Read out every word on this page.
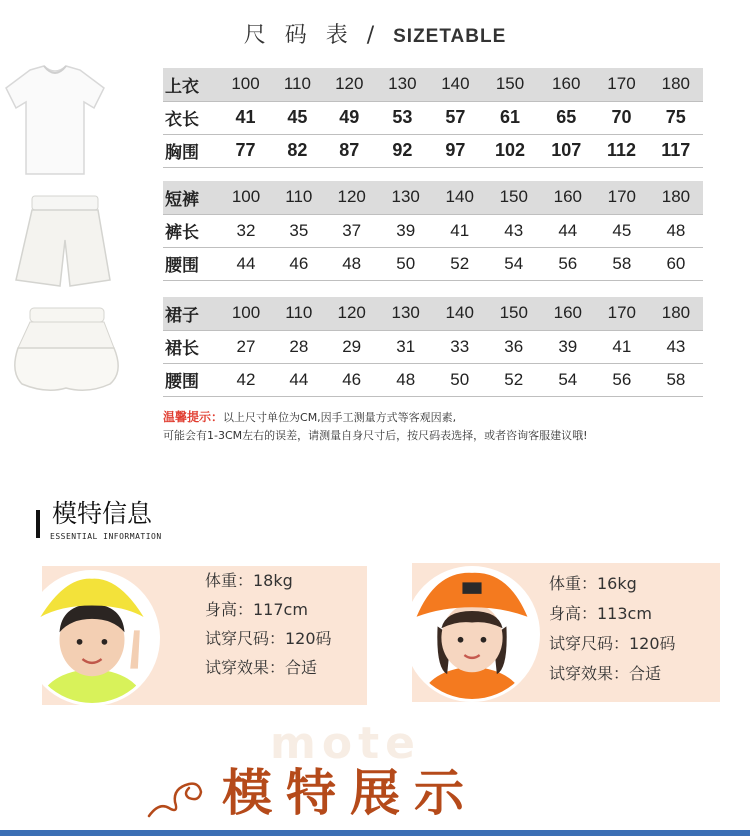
尺 码 表 / SIZETABLE
上衣	100	110	120	130	140	150	160	170	180
衣长	41	45	49	53	57	61	65	70	75
胸围	77	82	87	92	97	102	107	112	117
短裤	100	110	120	130	140	150	160	170	180
裤长	32	35	37	39	41	43	44	45	48
腰围	44	46	48	50	52	54	56	58	60
裙子	100	110	120	130	140	150	160	170	180
裙长	27	28	29	31	33	36	39	41	43
腰围	42	44	46	48	50	52	54	56	58
温馨提示：以上尺寸单位为CM,因手工测量方式等客观因素,
可能会有1-3CM左右的误差，请测量自身尺寸后，按尺码表选择，或者咨询客服建议哦!
模特信息
ESSENTIAL INFORMATION
体重：18kg
身高：117cm
试穿尺码：120码
试穿效果：合适
体重：16kg
身高：113cm
试穿尺码：120码
试穿效果：合适
mote
模特展示
